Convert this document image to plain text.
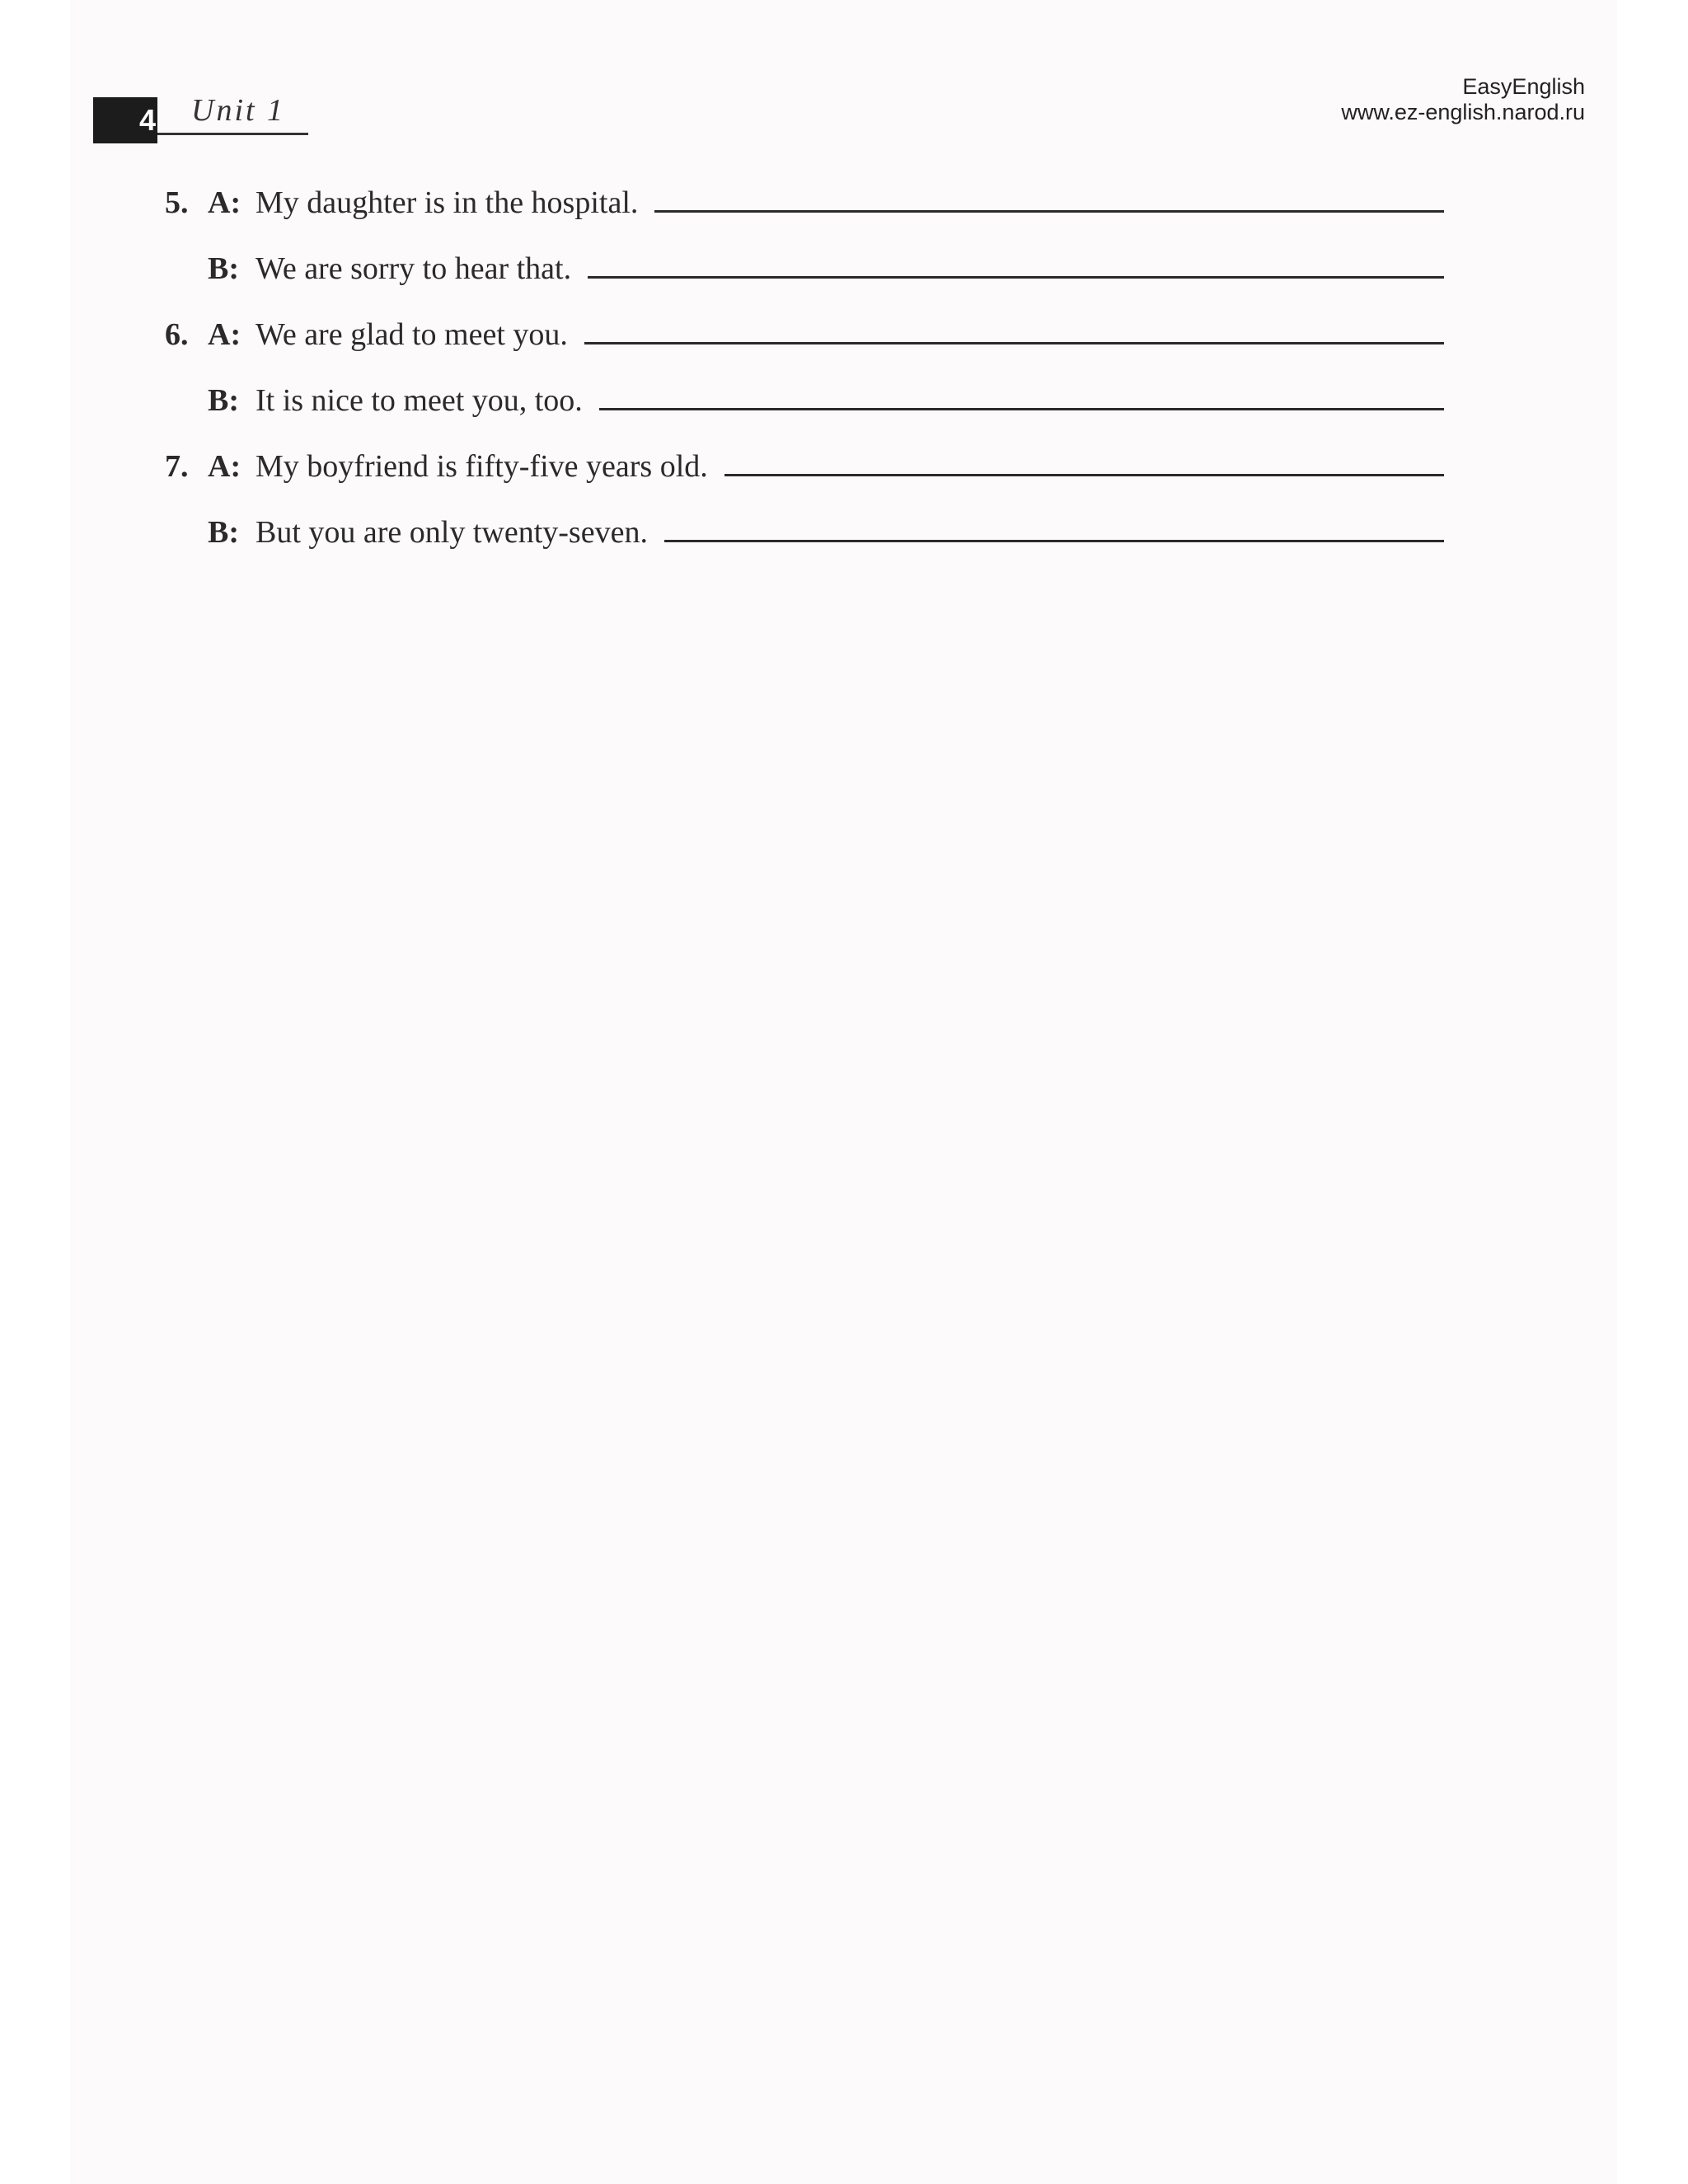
4 Unit 1
EasyEnglish
www.ez-english.narod.ru
5. A: My daughter is in the hospital.
B: We are sorry to hear that.
6. A: We are glad to meet you.
B: It is nice to meet you, too.
7. A: My boyfriend is fifty-five years old.
B: But you are only twenty-seven.
